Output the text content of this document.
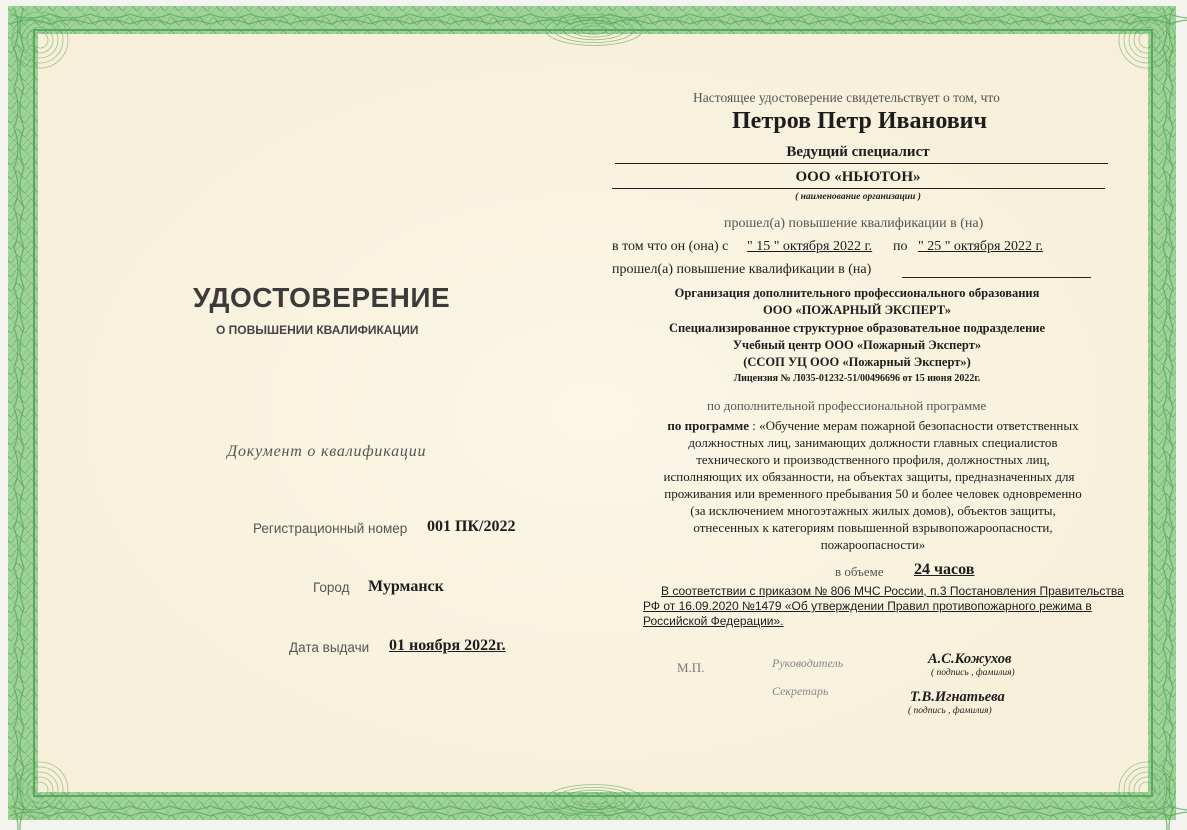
УДОСТОВЕРЕНИЕ
О ПОВЫШЕНИИ КВАЛИФИКАЦИИ
Документ о квалификации
Регистрационный номер 001 ПК/2022
Город Мурманск
Дата выдачи 01 ноября 2022г.
Настоящее удостоверение свидетельствует о том, что
Петров Петр Иванович
Ведущий специалист
ООО «НЬЮТОН»
( наименование организации )
прошел(а) повышение квалификации в (на)
в том что он (она) с " 15 " октября 2022 г. по " 25 " октября 2022 г.
прошел(а) повышение квалификации в (на)
Организация дополнительного профессионального образования
ООО «ПОЖАРНЫЙ ЭКСПЕРТ»
Специализированное структурное образовательное подразделение
Учебный центр ООО «Пожарный Эксперт»
(ССОП УЦ ООО «Пожарный Эксперт»)
Лицензия № Л035-01232-51/00496696 от 15 июня 2022г.
по дополнительной профессиональной программе
по программе : «Обучение мерам пожарной безопасности ответственных
должностных лиц, занимающих должности главных специалистов
технического и производственного профиля, должностных лиц,
исполняющих их обязанности, на объектах защиты, предназначенных для
проживания или временного пребывания 50 и более человек одновременно
(за исключением многоэтажных жилых домов), объектов защиты,
отнесенных к категориям повышенной взрывопожароопасности,
пожароопасности»
в объеме 24 часов
В соответствии с приказом № 806 МЧС России, п.3 Постановления Правительства
РФ от 16.09.2020 №1479 «Об утверждении Правил противопожарного режима в
Российской Федерации».
М.П.	Руководитель	А.С.Кожухов
( подпись , фамилия)
Секретарь	Т.В.Игнатьева
( подпись , фамилия)
